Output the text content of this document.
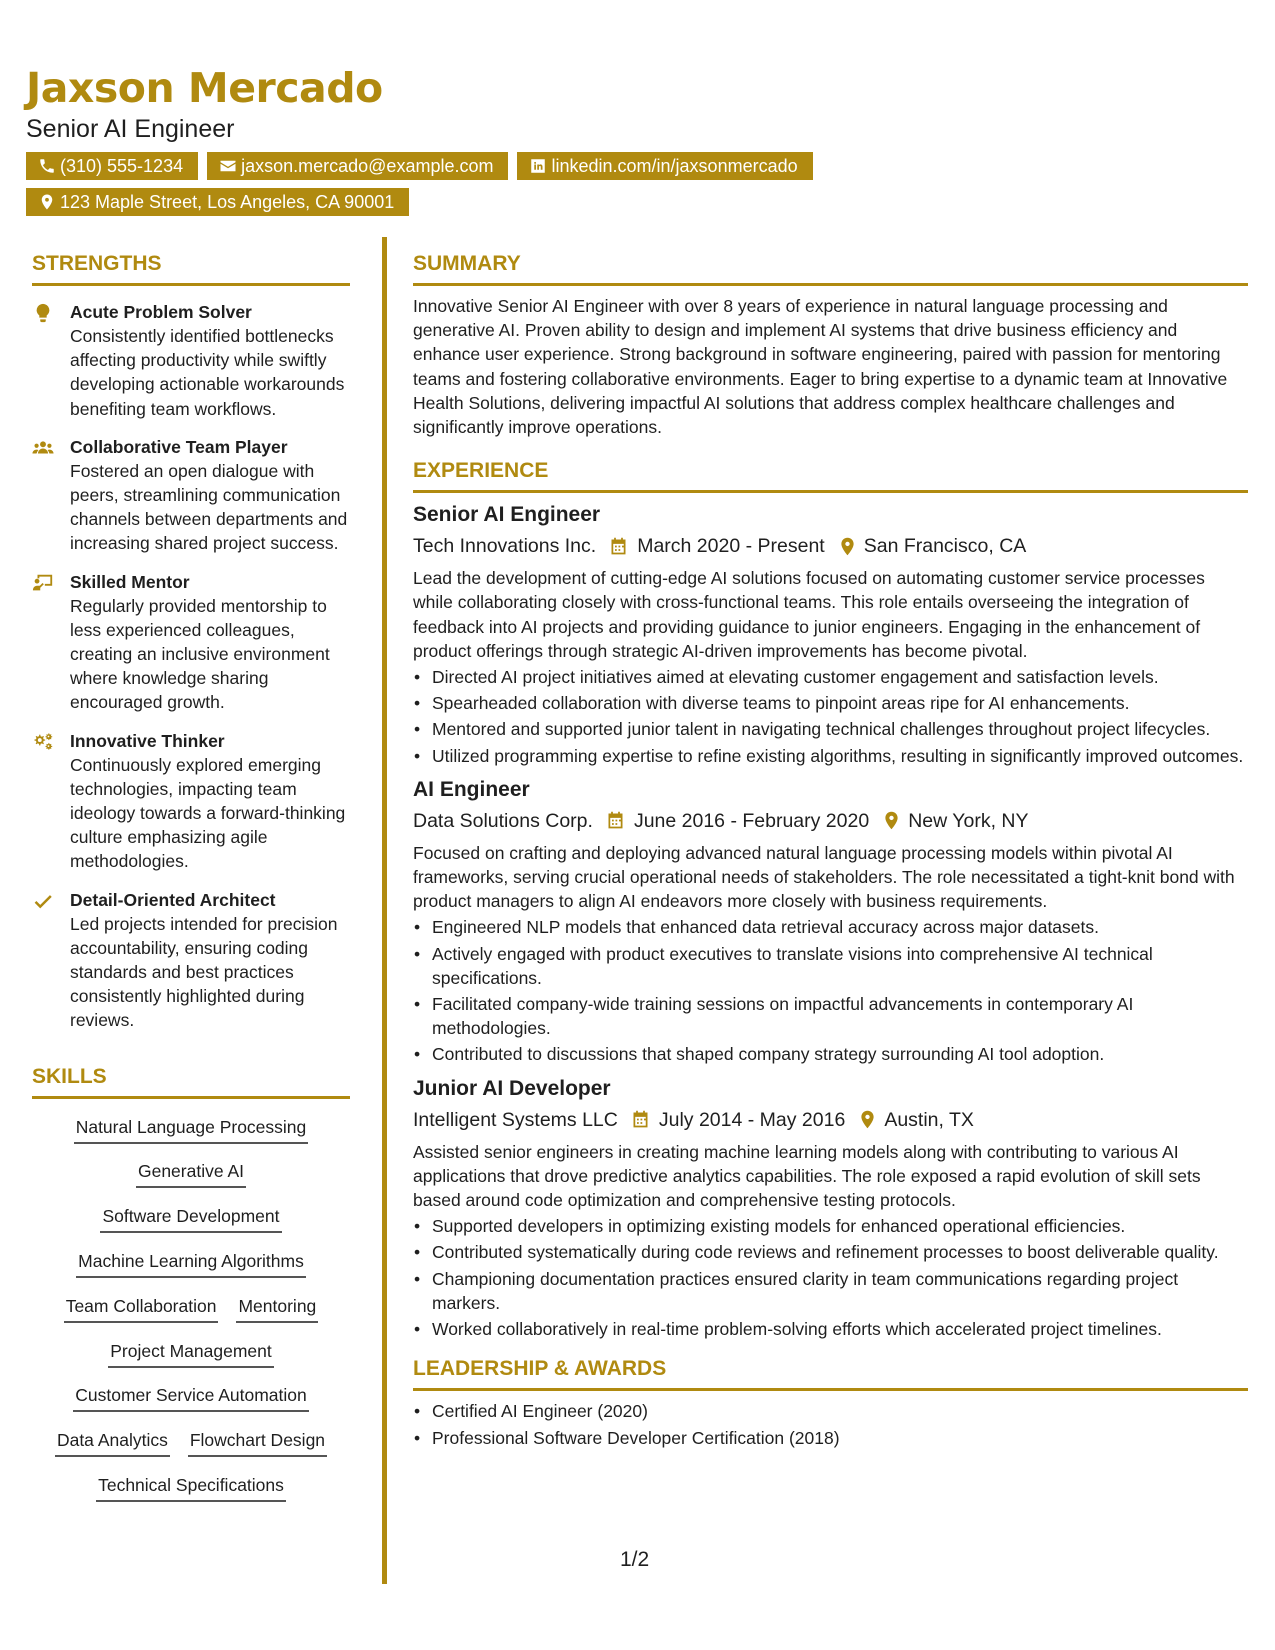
Jaxson Mercado
Senior AI Engineer
(310) 555-1234	jaxson.mercado@example.com	linkedin.com/in/jaxsonmercado
123 Maple Street, Los Angeles, CA 90001
STRENGTHS
Acute Problem Solver
Consistently identified bottlenecks affecting productivity while swiftly developing actionable workarounds benefiting team workflows.
Collaborative Team Player
Fostered an open dialogue with peers, streamlining communication channels between departments and increasing shared project success.
Skilled Mentor
Regularly provided mentorship to less experienced colleagues, creating an inclusive environment where knowledge sharing encouraged growth.
Innovative Thinker
Continuously explored emerging technologies, impacting team ideology towards a forward-thinking culture emphasizing agile methodologies.
Detail-Oriented Architect
Led projects intended for precision accountability, ensuring coding standards and best practices consistently highlighted during reviews.
SKILLS
Natural Language Processing
Generative AI
Software Development
Machine Learning Algorithms
Team Collaboration Mentoring
Project Management
Customer Service Automation
Data Analytics Flowchart Design
Technical Specifications
SUMMARY
Innovative Senior AI Engineer with over 8 years of experience in natural language processing and generative AI. Proven ability to design and implement AI systems that drive business efficiency and enhance user experience. Strong background in software engineering, paired with passion for mentoring teams and fostering collaborative environments. Eager to bring expertise to a dynamic team at Innovative Health Solutions, delivering impactful AI solutions that address complex healthcare challenges and significantly improve operations.
EXPERIENCE
Senior AI Engineer
Tech Innovations Inc. March 2020 - Present San Francisco, CA
Lead the development of cutting-edge AI solutions focused on automating customer service processes while collaborating closely with cross-functional teams. This role entails overseeing the integration of feedback into AI projects and providing guidance to junior engineers. Engaging in the enhancement of product offerings through strategic AI-driven improvements has become pivotal.
• Directed AI project initiatives aimed at elevating customer engagement and satisfaction levels.
• Spearheaded collaboration with diverse teams to pinpoint areas ripe for AI enhancements.
• Mentored and supported junior talent in navigating technical challenges throughout project lifecycles.
• Utilized programming expertise to refine existing algorithms, resulting in significantly improved outcomes.
AI Engineer
Data Solutions Corp. June 2016 - February 2020 New York, NY
Focused on crafting and deploying advanced natural language processing models within pivotal AI frameworks, serving crucial operational needs of stakeholders. The role necessitated a tight-knit bond with product managers to align AI endeavors more closely with business requirements.
• Engineered NLP models that enhanced data retrieval accuracy across major datasets.
• Actively engaged with product executives to translate visions into comprehensive AI technical specifications.
• Facilitated company-wide training sessions on impactful advancements in contemporary AI methodologies.
• Contributed to discussions that shaped company strategy surrounding AI tool adoption.
Junior AI Developer
Intelligent Systems LLC July 2014 - May 2016 Austin, TX
Assisted senior engineers in creating machine learning models along with contributing to various AI applications that drove predictive analytics capabilities. The role exposed a rapid evolution of skill sets based around code optimization and comprehensive testing protocols.
• Supported developers in optimizing existing models for enhanced operational efficiencies.
• Contributed systematically during code reviews and refinement processes to boost deliverable quality.
• Championing documentation practices ensured clarity in team communications regarding project markers.
• Worked collaboratively in real-time problem-solving efforts which accelerated project timelines.
LEADERSHIP & AWARDS
• Certified AI Engineer (2020)
• Professional Software Developer Certification (2018)
1/2
